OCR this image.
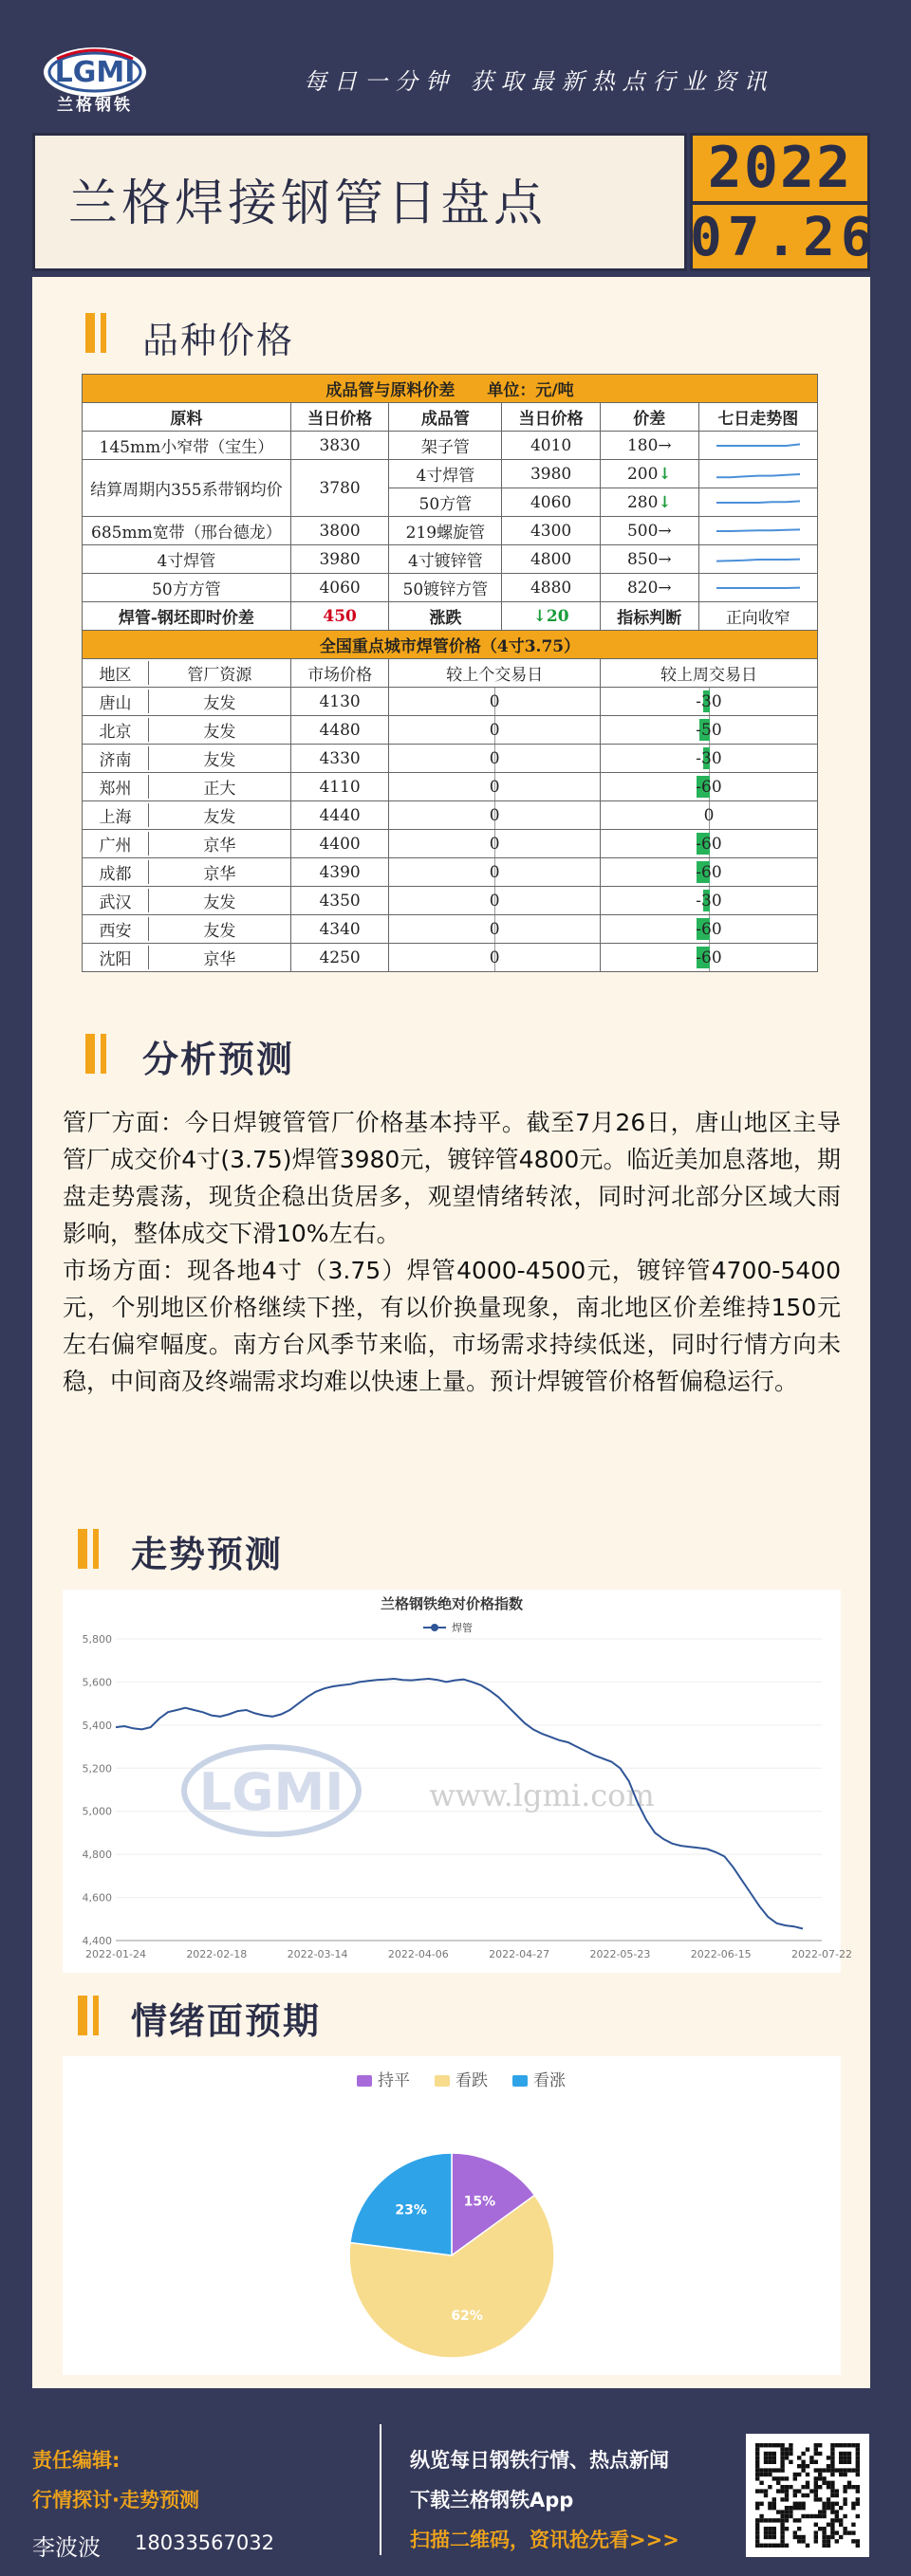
LGMI
兰格钢铁
每日一分钟 获取最新热点行业资讯
兰格焊接钢管日盘点
2022
07.26
品种价格
成品管与原料价差　　单位：元/吨					
原料	当日价格	成品管	当日价格	价差	七日走势图
145mm小窄带（宝生）	3830	架子管	4010	180→	

结算周期内355系带钢均价	3780	4寸焊管	3980	200↓	

		50方管	4060	280↓	

685mm宽带（邢台德龙）	3800	219螺旋管	4300	500→	

4寸焊管	3980	4寸镀锌管	4800	850→	

50方方管	4060	50镀锌方管	4880	820→	

焊管-钢坯即时价差	450	涨跌	↓20	指标判断	正向收窄
全国重点城市焊管价格（4寸3.75）					

地区 管厂资源	市场价格	较上个交易日		较上周交易日	

唐山 友发	4130	0		-30	

北京 友发	4480	0		-50	

济南 友发	4330	0		-30	

郑州 正大	4110	0		-60	

上海 友发	4440	0		0	

广州 京华	4400	0		-60	

成都 京华	4390	0		-60	

武汉 友发	4350	0		-30	

西安 友发	4340	0		-60	

沈阳 京华	4250	0		-60	
分析预测

管厂方面：今日焊镀管管厂价格基本持平。截至7月26日，唐山地区主导管厂成交价4寸(3.75)焊管3980元，镀锌管4800元。临近美加息落地，期盘走势震荡，现货企稳出货居多，观望情绪转浓，同时河北部分区域大雨影响，整体成交下滑10%左右。

市场方面：现各地4寸（3.75）焊管4000-4500元，镀锌管4700-5400元，个别地区价格继续下挫，有以价换量现象，南北地区价差维持150元左右偏窄幅度。南方台风季节来临，市场需求持续低迷，同时行情方向未稳，中间商及终端需求均难以快速上量。预计焊镀管价格暂偏稳运行。

走势预测
兰格钢铁绝对价格指数
焊管
4,400
4,600
4,800
5,000
5,200
5,400
5,600
5,800
2022-01-24	2022-02-18	2022-03-14	2022-04-06	2022-04-27	2022-05-23	2022-06-15	2022-07-22
LGMI	www.lgmi.com
情绪面预期
持平	看跌	看涨
15%
62%
23%
责任编辑:
行情探讨·走势预测
李波波 18033567032
纵览每日钢铁行情、热点新闻
下载兰格钢铁App
扫描二维码，资讯抢先看>>>
